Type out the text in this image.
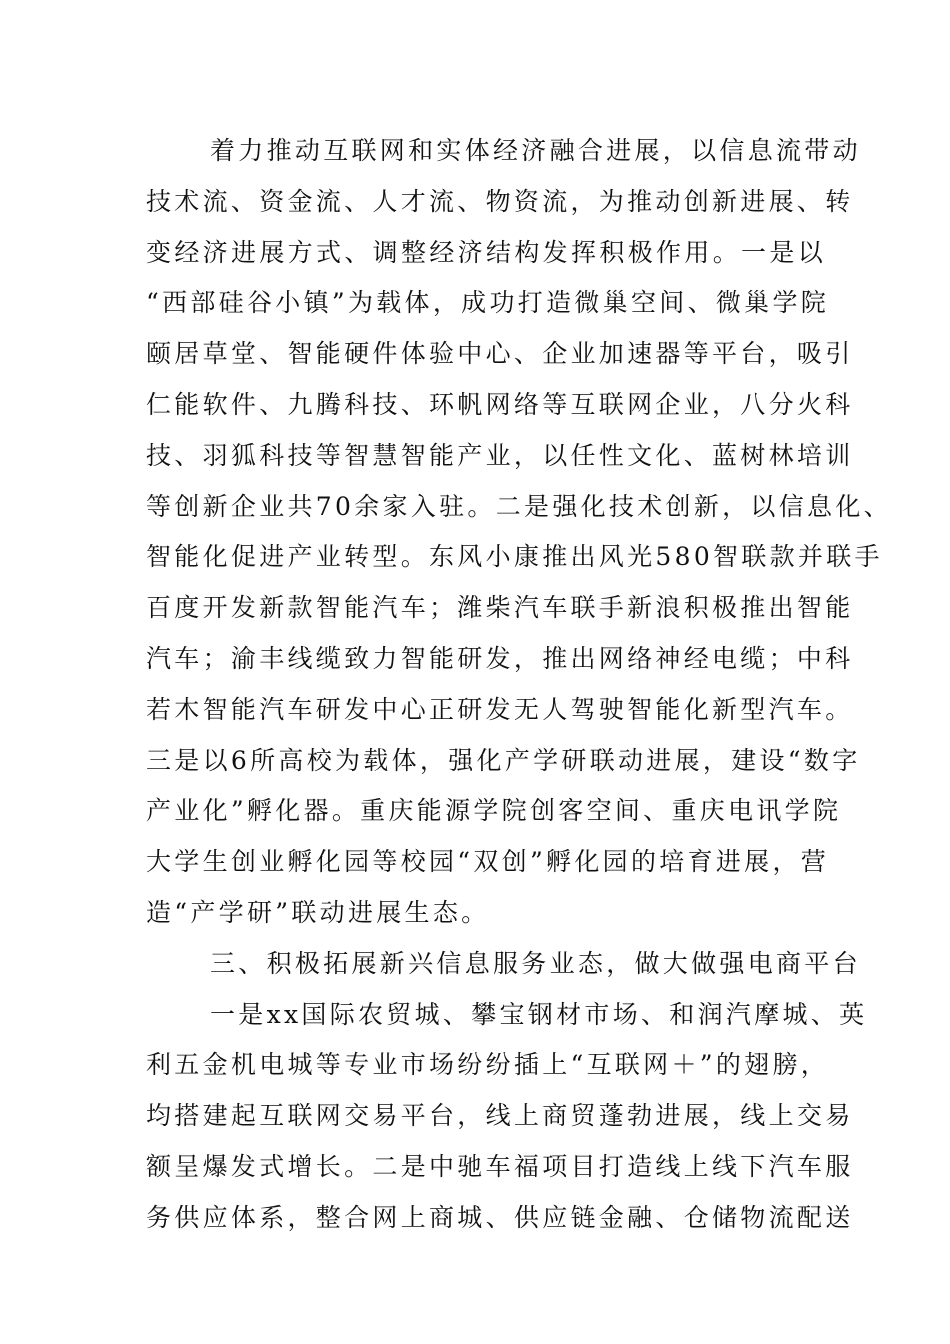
着力推动互联网和实体经济融合进展，以信息流带动
技术流、资金流、人才流、物资流，为推动创新进展、转
变经济进展方式、调整经济结构发挥积极作用。一是以
“西部硅谷小镇”为载体，成功打造微巢空间、微巢学院
颐居草堂、智能硬件体验中心、企业加速器等平台，吸引
仁能软件、九腾科技、环帆网络等互联网企业，八分火科
技、羽狐科技等智慧智能产业，以任性文化、蓝树林培训
等创新企业共70余家入驻。二是强化技术创新，以信息化、
智能化促进产业转型。东风小康推出风光580智联款并联手
百度开发新款智能汽车；潍柴汽车联手新浪积极推出智能
汽车；渝丰线缆致力智能研发，推出网络神经电缆；中科
若木智能汽车研发中心正研发无人驾驶智能化新型汽车。
三是以6所高校为载体，强化产学研联动进展，建设“数字
产业化”孵化器。重庆能源学院创客空间、重庆电讯学院
大学生创业孵化园等校园“双创”孵化园的培育进展，营
造“产学研”联动进展生态。
三、积极拓展新兴信息服务业态，做大做强电商平台
一是xx国际农贸城、攀宝钢材市场、和润汽摩城、英
利五金机电城等专业市场纷纷插上“互联网＋”的翅膀，
均搭建起互联网交易平台，线上商贸蓬勃进展，线上交易
额呈爆发式增长。二是中驰车福项目打造线上线下汽车服
务供应体系，整合网上商城、供应链金融、仓储物流配送
